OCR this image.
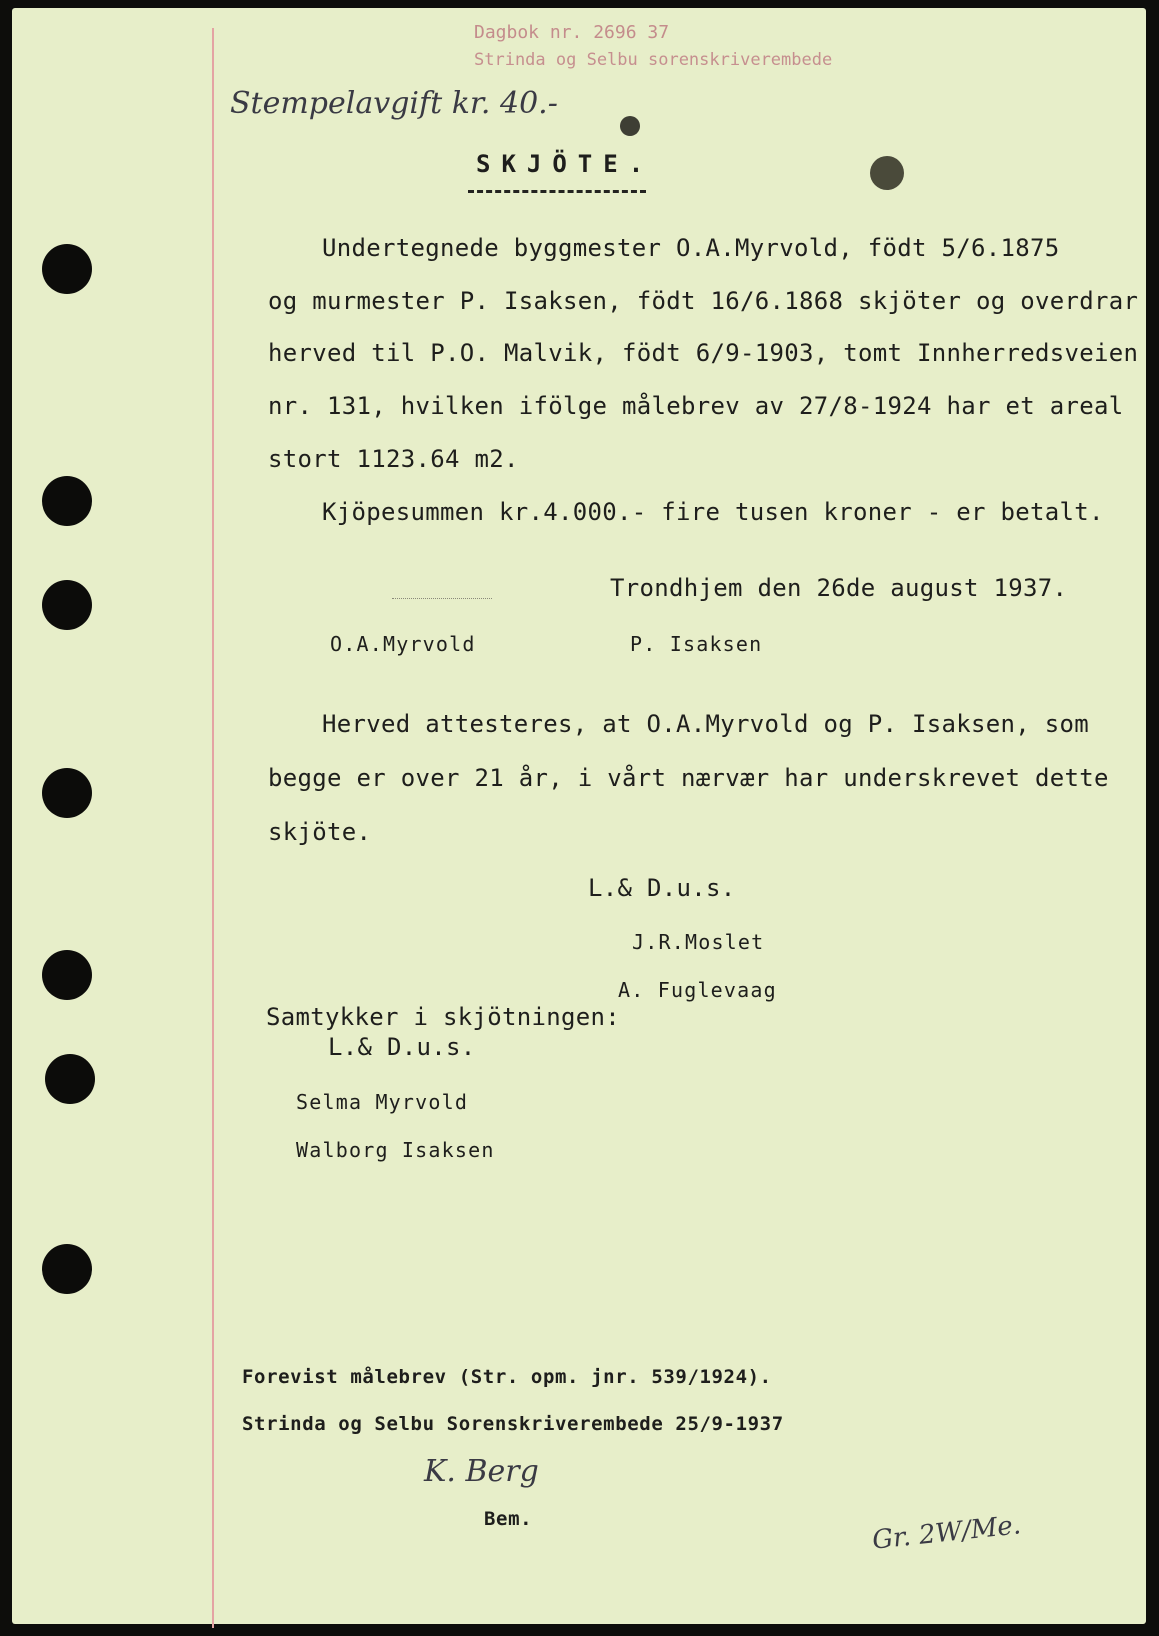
Dagbok nr. 2696 37
Strinda og Selbu sorenskriverembede
Stempelavgift kr. 40.-
SKJÖTE.
Undertegnede byggmester O.A.Myrvold, födt 5/6.1875
og murmester P. Isaksen, födt 16/6.1868 skjöter og overdrar
herved til P.O. Malvik, födt 6/9-1903, tomt Innherredsveien
nr. 131, hvilken ifölge målebrev av 27/8-1924 har et areal
stort 1123.64 m2.
Kjöpesummen kr.4.000.- fire tusen kroner - er betalt.
Trondhjem den 26de august 1937.
O.A.Myrvold	P. Isaksen
Herved attesteres, at O.A.Myrvold og P. Isaksen, som
begge er over 21 år, i vårt nærvær har underskrevet dette
skjöte.
L.& D.u.s.
J.R.Moslet
A. Fuglevaag
Samtykker i skjötningen:
L.& D.u.s.
Selma Myrvold
Walborg Isaksen
Forevist målebrev (Str. opm. jnr. 539/1924).
Strinda og Selbu Sorenskriverembede 25/9-1937
K. Berg
Bem.	Gr. 2W/Me.
